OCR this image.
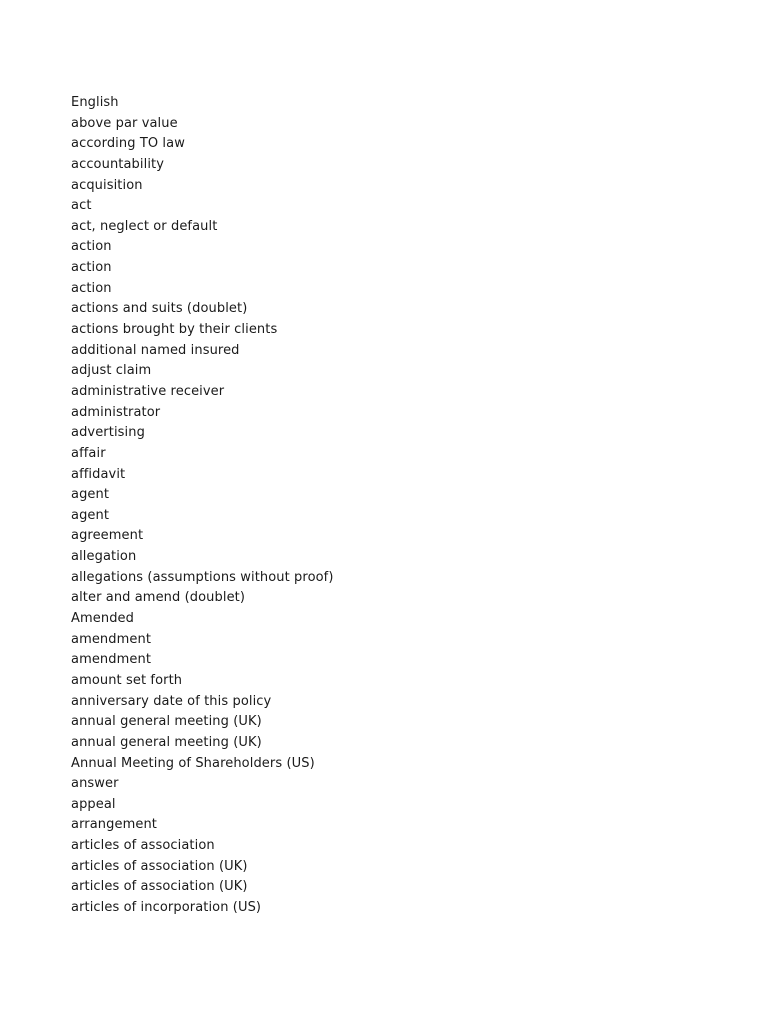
English
above par value
according TO law
accountability
acquisition
act
act, neglect or default
action
action
action
actions and suits (doublet)
actions brought by their clients
additional named insured
adjust claim
administrative receiver
administrator
advertising
affair
affidavit
agent
agent
agreement
allegation
allegations (assumptions without proof)
alter and amend (doublet)
Amended
amendment
amendment
amount set forth
anniversary date of this policy
annual general meeting (UK)
annual general meeting (UK)
Annual Meeting of Shareholders (US)
answer
appeal
arrangement
articles of association
articles of association (UK)
articles of association (UK)
articles of incorporation (US)
